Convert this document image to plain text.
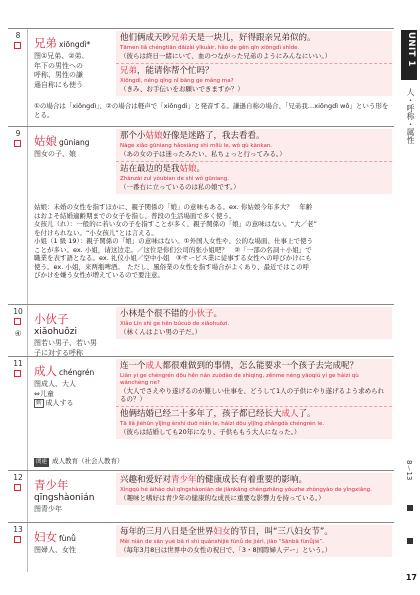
UNIT 1
人・呼称・属性
8〜13
17
8
兄弟 xiōngdì*
图①兄弟、②弟、
年下の男性への
呼称、男性の謙
遜自称にも使う
他们俩成天吵兄弟天是一块儿，好得跟亲兄弟似的。
Tāmen liǎ chéngtiān dāizài yīkuàir, hǎo de gēn qīn xiōngdì shìde.
（彼らは終日一緒にいて、血のつながった兄弟のようにみんなにいい。）
兄弟，能请你帮个忙吗？
Xiōngdì, néng qǐng nǐ bāng ge máng ma?
（きみ、お手伝いをお願いできますか？）
①の場合は「xiōngdì」、②の場合は軽声で「xiōngdi」と発音する。謙遜自称の場合、「兄弟我…xiōngdì wǒ」という形をとる。
9
姑娘 gūniang
图女の子、娘
那个小姑娘好像是迷路了，我去看看。
Nàge xiǎo gūniang hǎoxiàng shì mílù le, wǒ qù kànkan.
（あの女の子は迷ったみたい、私ちょっと行ってみる。）
站在最边的是我姑娘。
Zhànzài zuì yòubian de shì wǒ gūniang.
（一番右に立っているのは私の娘です。）
姑娘：未婚の女性を指すほかに、親子関係の「娘」の意味もある。ex. 你姑娘今年多大？　年齢
はおよそ結婚適齢期までの女子を指し、普段の生活場面で多く使う。
女孩儿（れ）：一般的に若い女の子を指すことが多く、親子関係の「娘」の意味はない。“大／老”
を付けられない。“小女孩儿”とは言える。
小姐（1 級 19）：親子関係の「娘」の意味はない。①外国人女性や、公的な場面、仕事上で使う
ことが多い。ex. 小姐，请这边走。／这位是你们公司的张小姐吧？　②「一部の名詞＋小姐」で
職業を表す語となる。ex. 礼仪小姐／空中小姐　③サービス業に従事する女性への呼びかけにも
使う。ex. 小姐，来两瓶啤酒。　ただし、風俗業の女性を指す場合がよくあり、最近ではこの呼
びかけを嫌う女性が増えているので要注意。
10
④
小伙子
xiǎohuǒzi
图若い男子、若い男
子に対する呼称
小林是个很不错的小伙子。
Xiǎo Lín shì ge hěn búcuò de xiǎohuǒzi.
（林くんはよい男の子だ。）
11
成人 chéngrén
图成人、大人
⇔儿童
動 成人する
连一个成人都很难做到的事情，怎么能要求一个孩子去完成呢？
Lián yí ge chéngrén dōu hěn nán zuòdào de shìqing, zěnme néng yāoqiú yí ge háizi qù wánchéng ne?
（大人でさえやり遂げるのが難しい仕事を、どうして1人の子供にやり遂げるよう求められるの？）
他俩结婚已经二十多年了，孩子都已经长大成人了。
Tā liǎ jiéhūn yǐjīng èrshí duō nián le, háizi dōu yǐjīng zhǎngdà chéngrén le.
（彼らは結婚しても20年になり、子供ももう大人になった。）
関連 成人教育（社会人教育）
12
青少年
qīngshàonián
图青少年
兴趣和爱好对青少年的健康成长有着重要的影响。
Xìngqù hé àihào duì qīngshàonián de jiànkāng chéngzhǎng yǒuzhe zhòngyào de yǐngxiǎng.
（趣味と嗜好は青少年の健康的な成長に重要な影響力を持っている。）
13
妇女 fùnǚ
图婦人、女性
每年的三月八日是全世界妇女的节日，叫“三八妇女节”。
Měi nián de sān yuè bā rì shì quánshìjiè fùnǚ de jiérì, jiào “Sānbā fùnǚjié”.
（毎年3月8日は世界中の女性の祝日で、「3・8国際婦人デー」という。）
